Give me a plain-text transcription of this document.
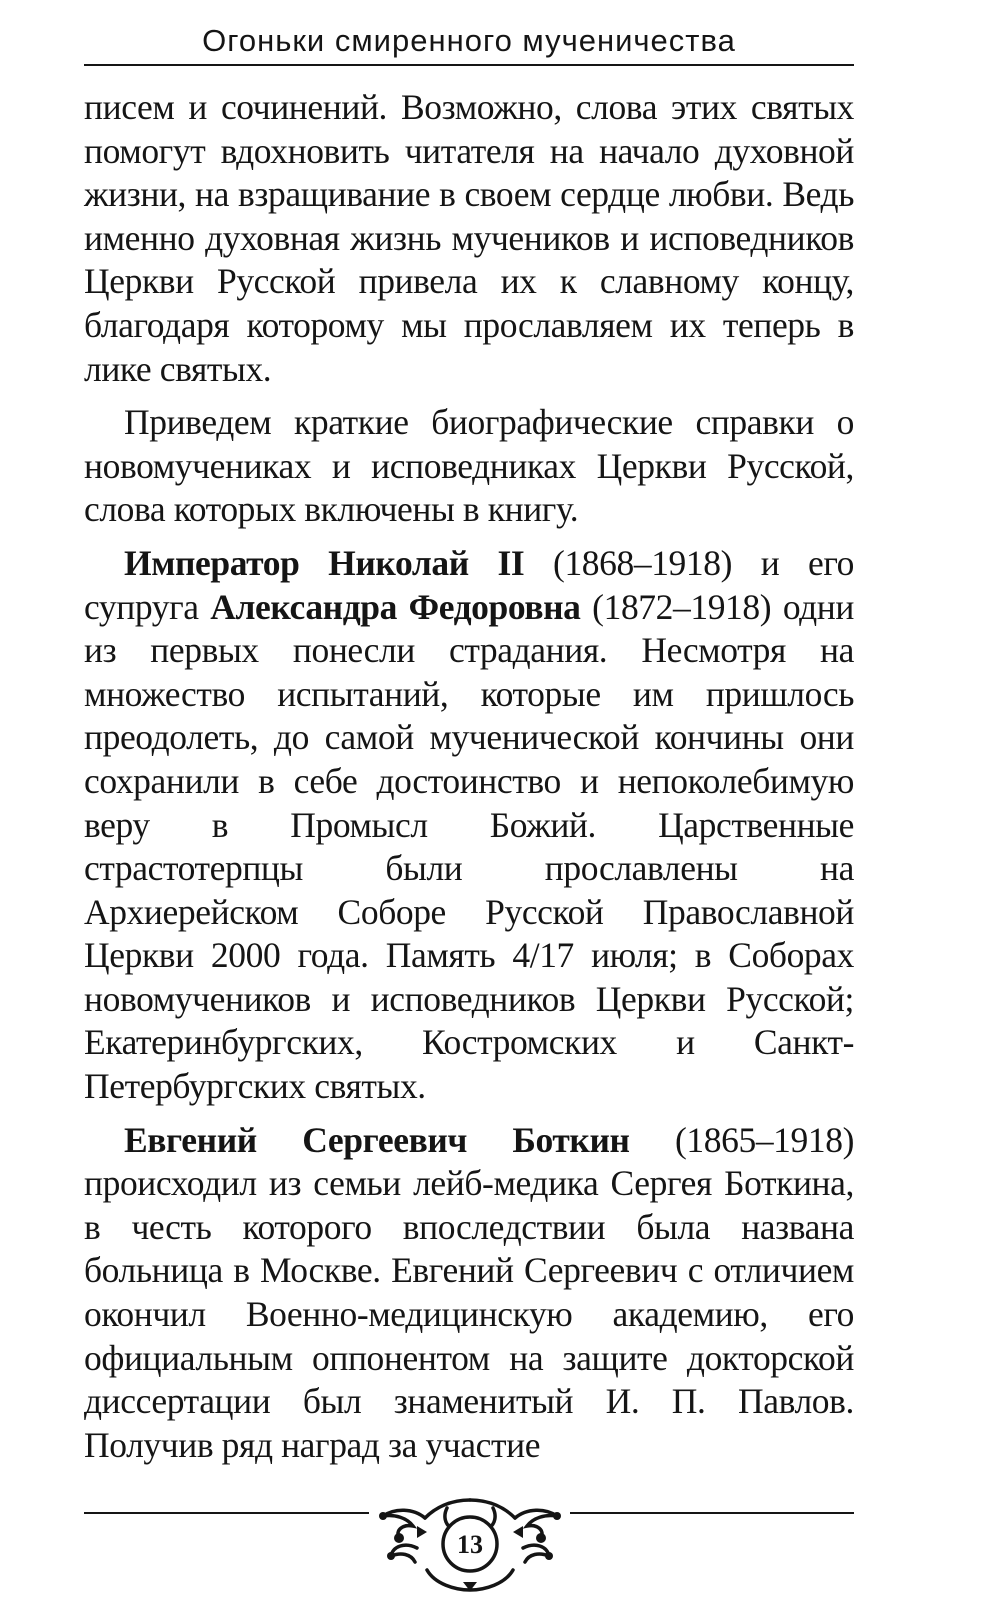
Огоньки смиренного мученичества

писем и сочинений. Возможно, слова этих святых помогут вдохновить читателя на начало духовной жизни, на взращивание в своем сердце любви. Ведь именно духовная жизнь мучеников и исповедников Церкви Русской привела их к славному концу, благодаря которому мы прославляем их теперь в лике святых.

Приведем краткие биографические справки о новомучениках и исповедниках Церкви Русской, слова которых включены в книгу.

Император Николай II (1868–1918) и его супруга Александра Федоровна (1872–1918) одни из первых понесли страдания. Несмотря на множество испытаний, которые им пришлось преодолеть, до самой мученической кончины они сохранили в себе достоинство и непоколебимую веру в Промысл Божий. Царственные страстотерпцы были прославлены на Архиерейском Соборе Русской Православной Церкви 2000 года. Память 4/17 июля; в Соборах новомучеников и исповедников Церкви Русской; Екатеринбургских, Костромских и Санкт-Петербургских святых.

Евгений Сергеевич Боткин (1865–1918) происходил из семьи лейб-медика Сергея Боткина, в честь которого впоследствии была названа больница в Москве. Евгений Сергеевич с отличием окончил Военно-медицинскую академию, его официальным оппонентом на защите докторской диссертации был знаменитый И. П. Павлов. Получив ряд наград за участие

13
